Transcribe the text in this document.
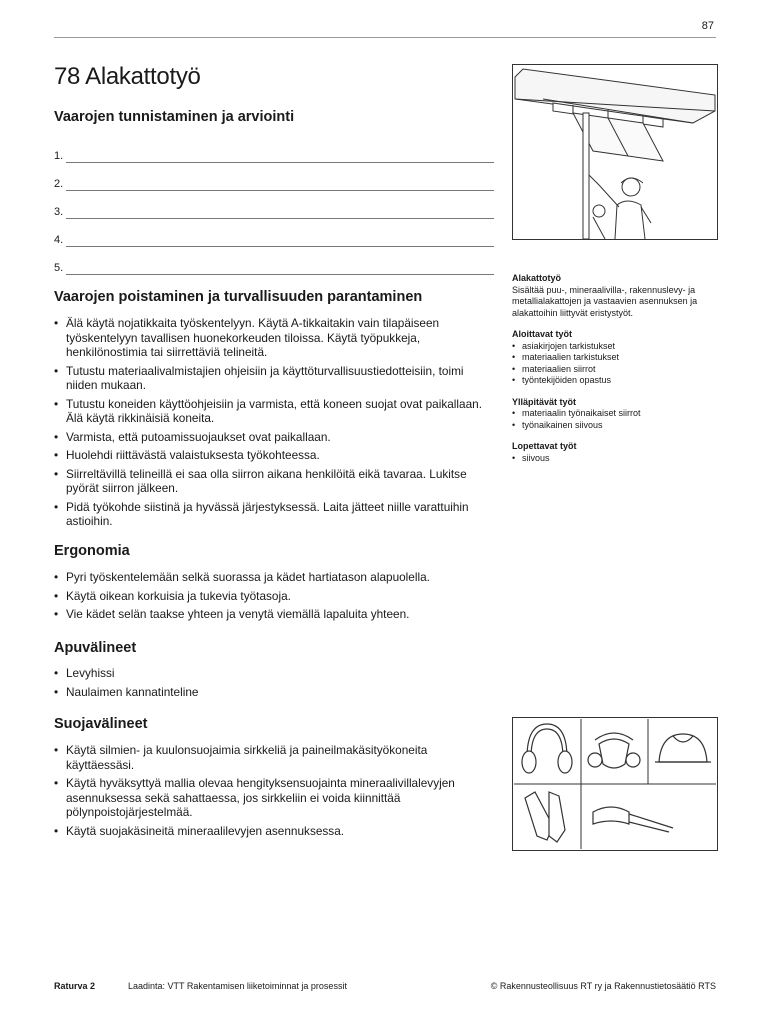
87
78 Alakattotyö
Vaarojen tunnistaminen ja arviointi
1.
2.
3.
4.
5.
Vaarojen poistaminen ja turvallisuuden parantaminen
• Älä käytä nojatikkaita työskentelyyn. Käytä A-tikkaitakin vain tilapäiseen työskentelyyn tavallisen huonekorkeuden tiloissa. Käytä työpukkeja, henkilönostimia tai siirrettäviä telineitä.
• Tutustu materiaalivalmistajien ohjeisiin ja käyttöturvallisuustiedotteisiin, toimi niiden mukaan.
• Tutustu koneiden käyttöohjeisiin ja varmista, että koneen suojat ovat paikallaan. Älä käytä rikkinäisiä koneita.
• Varmista, että putoamissuojaukset ovat paikallaan.
• Huolehdi riittävästä valaistuksesta työkohteessa.
• Siirreltävillä telineillä ei saa olla siirron aikana henkilöitä eikä tavaraa. Lukitse pyörät siirron jälkeen.
• Pidä työkohde siistinä ja hyvässä järjestyksessä. Laita jätteet niille varattuihin astioihin.
Ergonomia
• Pyri työskentelemään selkä suorassa ja kädet hartiatason alapuolella.
• Käytä oikean korkuisia ja tukevia työtasoja.
• Vie kädet selän taakse yhteen ja venytä viemällä lapaluita yhteen.
Apuvälineet
• Levyhissi
• Naulaimen kannatinteline
Suojavälineet
• Käytä silmien- ja kuulonsuojaimia sirkkeliä ja paineilmakäsityökoneita käyttäessäsi.
• Käytä hyväksyttyä mallia olevaa hengityksensuojainta mineraalivillalevyjen asennuksessa sekä sahattaessa, jos sirkkeliin ei voida kiinnittää pölynpoistojärjestelmää.
• Käytä suojakäsineitä mineraalilevyjen asennuksessa.
Alakattotyö

Sisältää puu-, mineraalivilla-, rakennuslevy- ja metallialakattojen ja vastaavien asennuksen ja alakattoihin liittyvät eristystyöt.

Aloittavat työt
• asiakirjojen tarkistukset
• materiaalien tarkistukset
• materiaalien siirrot
• työntekijöiden opastus
Ylläpitävät työt
• materiaalin työnaikaiset siirrot
• työnaikainen siivous
Lopettavat työt
• siivous
Raturva 2	Laadinta: VTT Rakentamisen liiketoiminnat ja prosessit	© Rakennusteollisuus RT ry ja Rakennustietosäätiö RTS
